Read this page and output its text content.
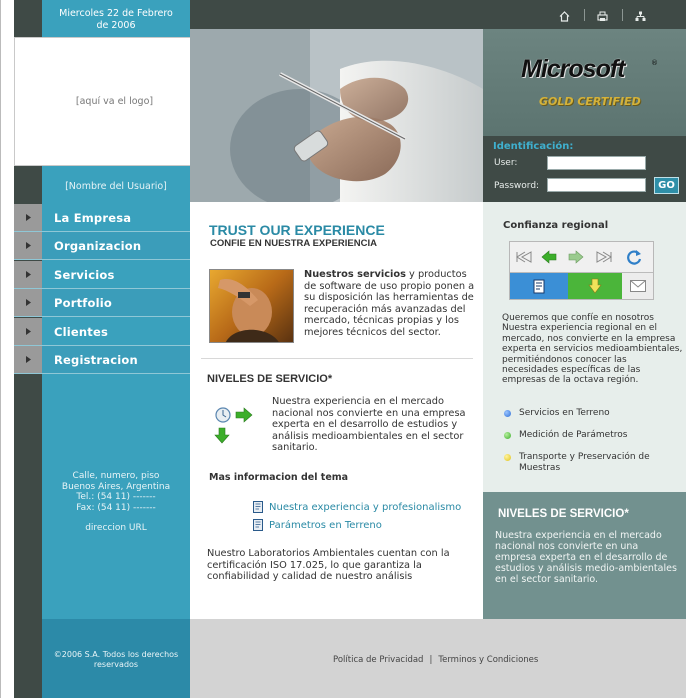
Miercoles 22 de Febrero de 2006
[aquí va el logo]
[Nombre del Usuario]
La Empresa
Organizacion
Servicios
Portfolio
Clientes
Registracion
Calle, numero, piso
Buenos Aires, Argentina
Tel.: (54 11) -------
Fax: (54 11) -------
direccion URL
©2006 S.A. Todos los derechos reservados
Microsoft	®
GOLD CERTIFIED
Identificación:
User:
Password:	GO
TRUST OUR EXPERIENCE
CONFIE EN NUESTRA EXPERIENCIA
Nuestros servicios y productos de software de uso propio ponen a su disposición las herramientas de recuperación más avanzadas del mercado, técnicas propias y los mejores técnicos del sector.
NIVELES DE SERVICIO*
Nuestra experiencia en el mercado nacional nos convierte en una empresa experta en el desarrollo de estudios y análisis medioambientales en el sector sanitario.
Mas informacion del tema
Nuestra experiencia y profesionalismo
Parámetros en Terreno
Nuestro Laboratorios Ambientales cuentan con la certificación ISO 17.025, lo que garantiza la confiabilidad y calidad de nuestro análisis
Confianza regional
Queremos que confíe en nosotros Nuestra experiencia regional en el mercado, nos convierte en la empresa experta en servicios medioambientales, permitiéndonos conocer las necesidades específicas de las empresas de la octava región.
Servicios en Terreno
Medición de Parámetros
Transporte y Preservación de Muestras
NIVELES DE SERVICIO*
Nuestra experiencia en el mercado nacional nos convierte en una empresa experta en el desarrollo de estudios y análisis medio-ambientales en el sector sanitario.
Política de Privacidad | Terminos y Condiciones
